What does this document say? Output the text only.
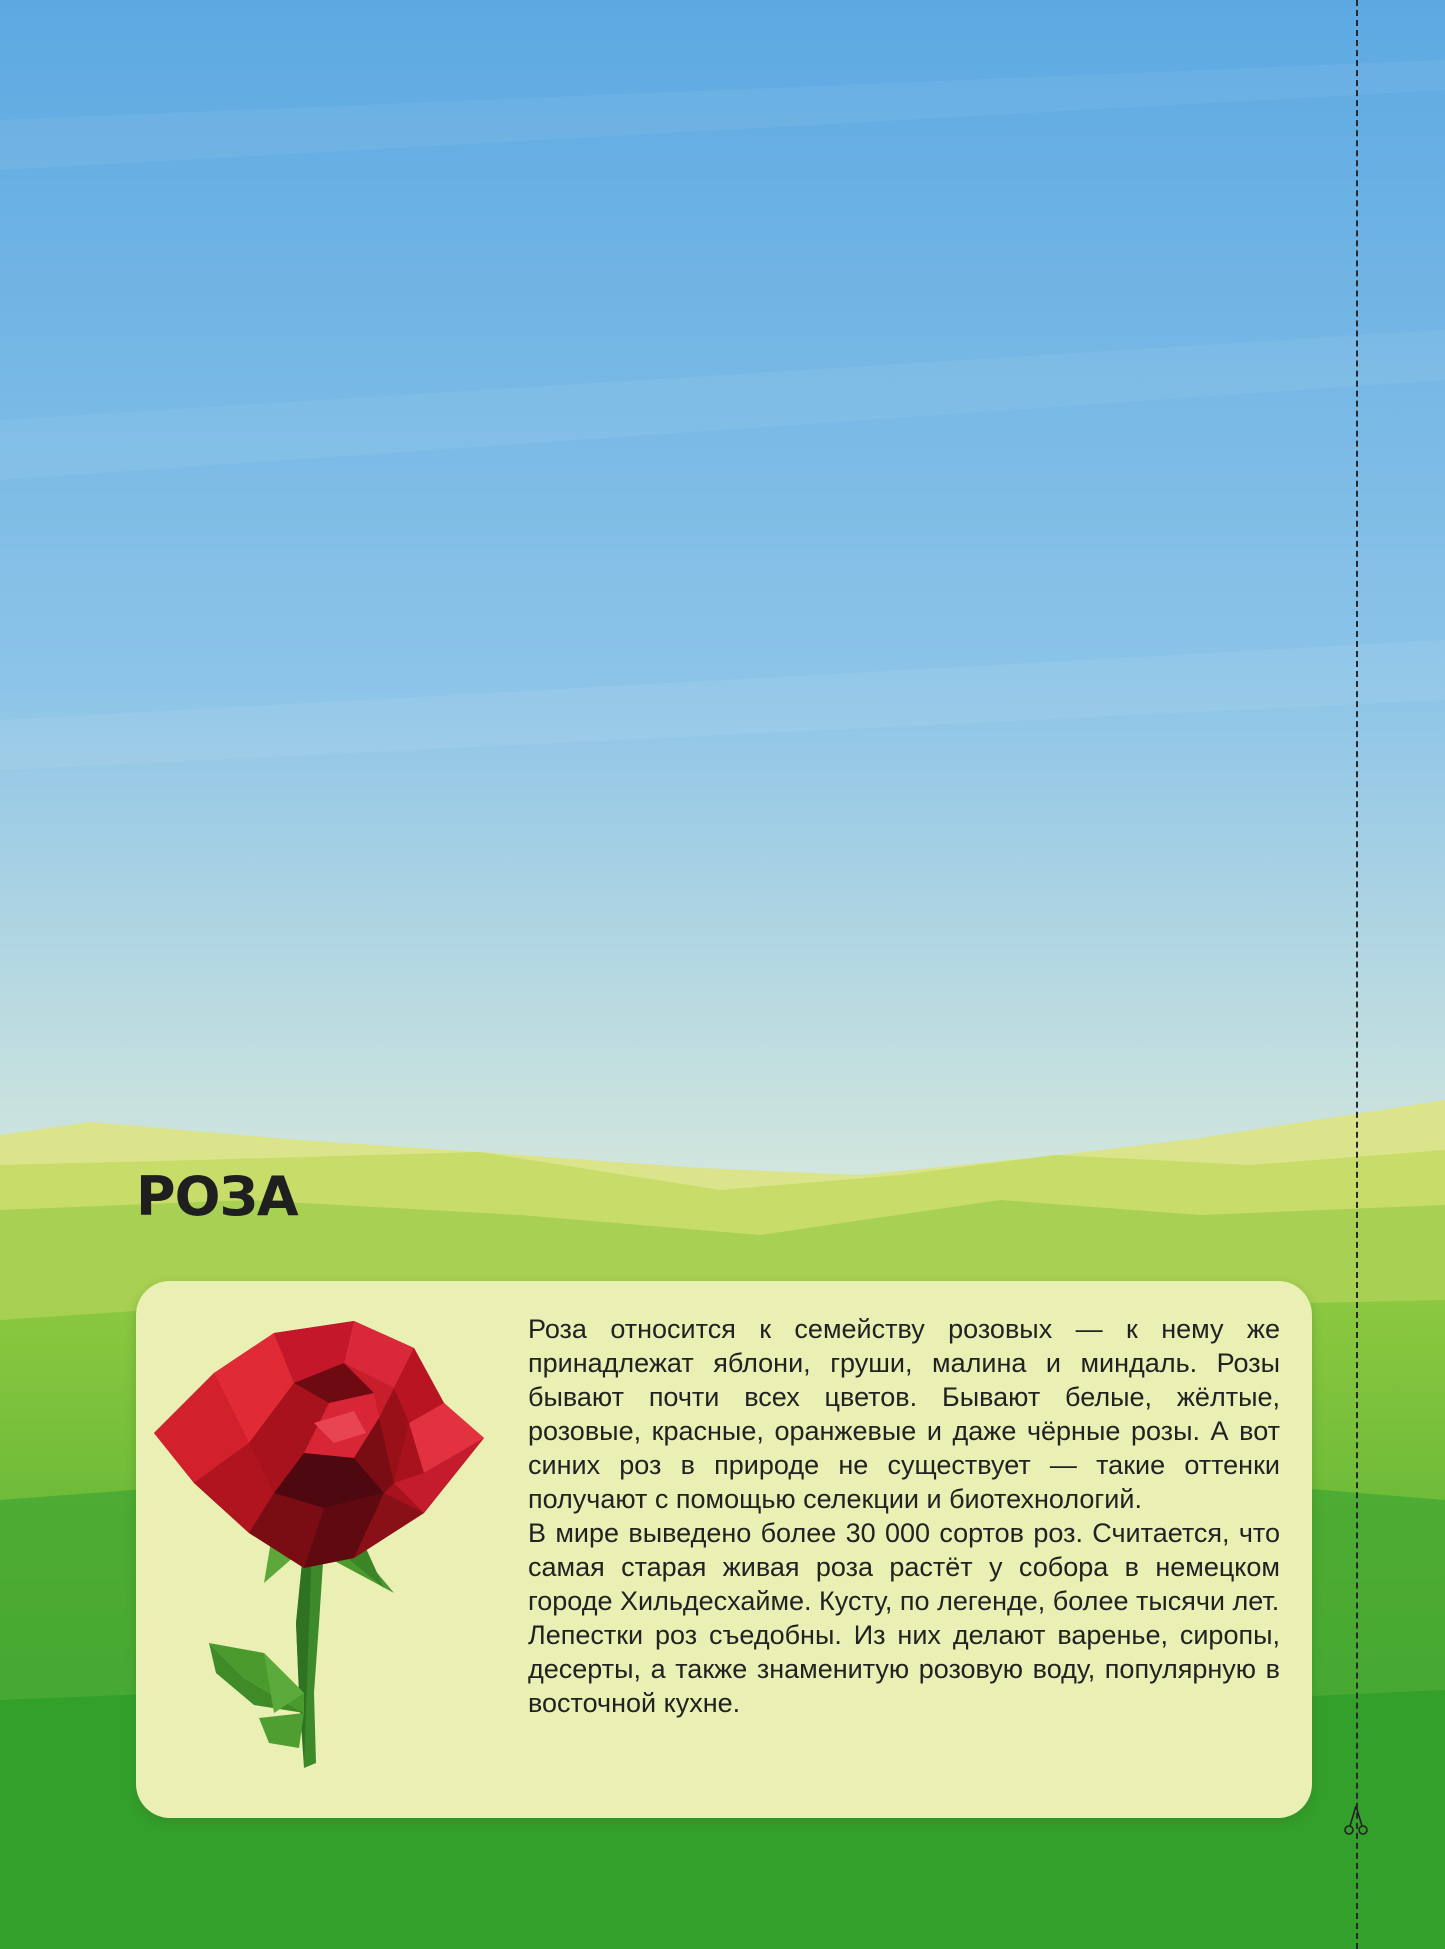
РОЗА

Роза относится к семейству розовых — к нему же принадлежат яблони, груши, малина и миндаль. Розы бывают почти всех цветов. Бывают белые, жёлтые, розовые, красные, оранжевые и даже чёрные розы. А вот синих роз в природе не существует — такие оттенки получают с помощью селекции и биотехнологий.

В мире выведено более 30 000 сортов роз. Считается, что самая старая живая роза растёт у собора в немецком городе Хильдесхайме. Кусту, по легенде, более тысячи лет.

Лепестки роз съедобны. Из них делают варенье, сиропы, десерты, а также знаменитую розовую воду, популярную в восточной кухне.
